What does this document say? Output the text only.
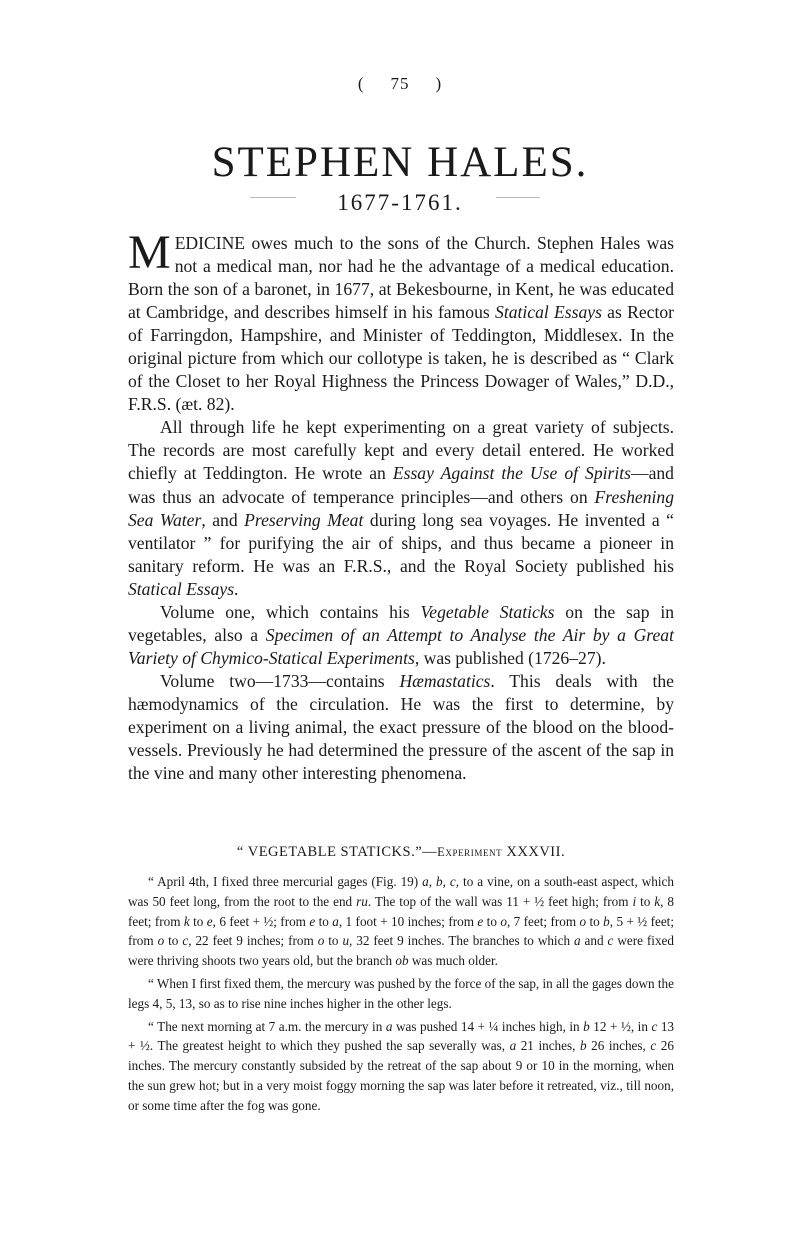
( 75 )
STEPHEN HALES.
1677-1761.

MEDICINE owes much to the sons of the Church. Stephen Hales was not a medical man, nor had he the advantage of a medical education. Born the son of a baronet, in 1677, at Bekesbourne, in Kent, he was educated at Cambridge, and describes himself in his famous Statical Essays as Rector of Farringdon, Hampshire, and Minister of Teddington, Middlesex. In the original picture from which our collotype is taken, he is described as “ Clark of the Closet to her Royal Highness the Princess Dowager of Wales,” D.D., F.R.S. (æt. 82).

All through life he kept experimenting on a great variety of subjects. The records are most carefully kept and every detail entered. He worked chiefly at Teddington. He wrote an Essay Against the Use of Spirits—and was thus an advocate of temperance principles—and others on Freshening Sea Water, and Preserving Meat during long sea voyages. He invented a “ ventilator ” for purifying the air of ships, and thus became a pioneer in sanitary reform. He was an F.R.S., and the Royal Society published his Statical Essays.

Volume one, which contains his Vegetable Staticks on the sap in vegetables, also a Specimen of an Attempt to Analyse the Air by a Great Variety of Chymico-Statical Experiments, was published (1726–27).

Volume two—1733—contains Hæmastatics. This deals with the hæmodynamics of the circulation. He was the first to determine, by experiment on a living animal, the exact pressure of the blood on the blood-vessels. Previously he had determined the pressure of the ascent of the sap in the vine and many other interesting phenomena.

“ VEGETABLE STATICKS.”—Experiment XXXVII.

“ April 4th, I fixed three mercurial gages (Fig. 19) a, b, c, to a vine, on a south-east aspect, which was 50 feet long, from the root to the end ru. The top of the wall was 11 + ½ feet high; from i to k, 8 feet; from k to e, 6 feet + ½; from e to a, 1 foot + 10 inches; from e to o, 7 feet; from o to b, 5 + ½ feet; from o to c, 22 feet 9 inches; from o to u, 32 feet 9 inches. The branches to which a and c were fixed were thriving shoots two years old, but the branch ob was much older.

“ When I first fixed them, the mercury was pushed by the force of the sap, in all the gages down the legs 4, 5, 13, so as to rise nine inches higher in the other legs.

“ The next morning at 7 a.m. the mercury in a was pushed 14 + ¼ inches high, in b 12 + ½, in c 13 + ½. The greatest height to which they pushed the sap severally was, a 21 inches, b 26 inches, c 26 inches. The mercury constantly subsided by the retreat of the sap about 9 or 10 in the morning, when the sun grew hot; but in a very moist foggy morning the sap was later before it retreated, viz., till noon, or some time after the fog was gone.
